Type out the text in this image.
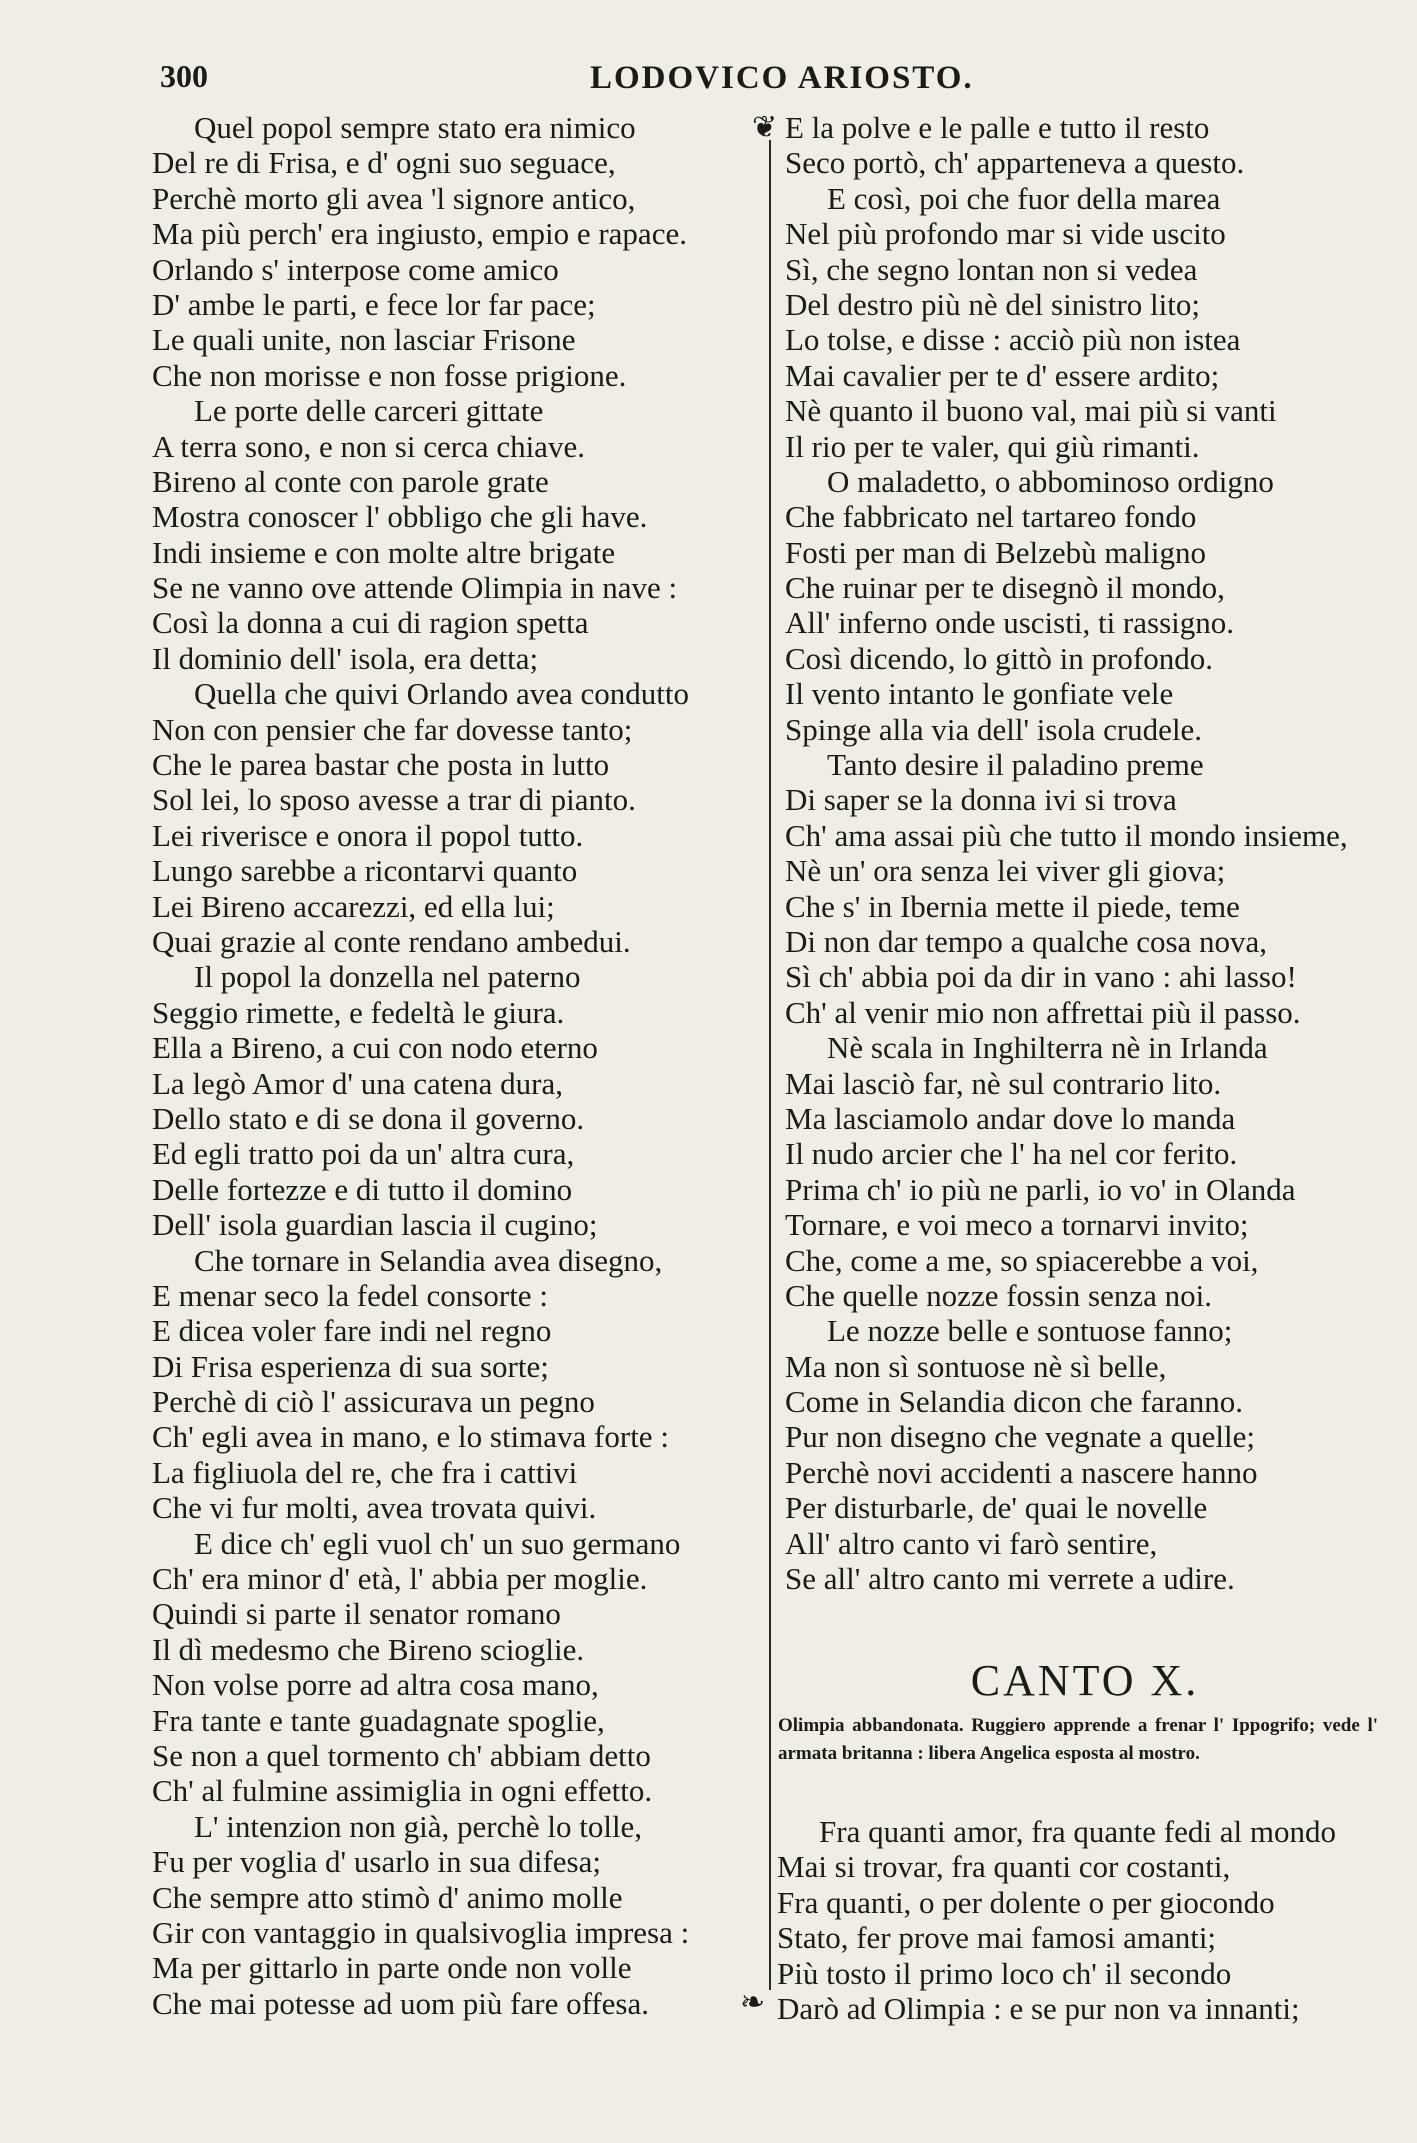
300	LODOVICO ARIOSTO.
Quel popol sempre stato era nimico
Del re di Frisa, e d' ogni suo seguace,
Perchè morto gli avea 'l signore antico,
Ma più perch' era ingiusto, empio e rapace.
Orlando s' interpose come amico
D' ambe le parti, e fece lor far pace;
Le quali unite, non lasciar Frisone
Che non morisse e non fosse prigione.
Le porte delle carceri gittate
A terra sono, e non si cerca chiave.
Bireno al conte con parole grate
Mostra conoscer l' obbligo che gli have.
Indi insieme e con molte altre brigate
Se ne vanno ove attende Olimpia in nave :
Così la donna a cui di ragion spetta
Il dominio dell' isola, era detta;
Quella che quivi Orlando avea condutto
Non con pensier che far dovesse tanto;
Che le parea bastar che posta in lutto
Sol lei, lo sposo avesse a trar di pianto.
Lei riverisce e onora il popol tutto.
Lungo sarebbe a ricontarvi quanto
Lei Bireno accarezzi, ed ella lui;
Quai grazie al conte rendano ambedui.
Il popol la donzella nel paterno
Seggio rimette, e fedeltà le giura.
Ella a Bireno, a cui con nodo eterno
La legò Amor d' una catena dura,
Dello stato e di se dona il governo.
Ed egli tratto poi da un' altra cura,
Delle fortezze e di tutto il domino
Dell' isola guardian lascia il cugino;
Che tornare in Selandia avea disegno,
E menar seco la fedel consorte :
E dicea voler fare indi nel regno
Di Frisa esperienza di sua sorte;
Perchè di ciò l' assicurava un pegno
Ch' egli avea in mano, e lo stimava forte :
La figliuola del re, che fra i cattivi
Che vi fur molti, avea trovata quivi.
E dice ch' egli vuol ch' un suo germano
Ch' era minor d' età, l' abbia per moglie.
Quindi si parte il senator romano
Il dì medesmo che Bireno scioglie.
Non volse porre ad altra cosa mano,
Fra tante e tante guadagnate spoglie,
Se non a quel tormento ch' abbiam detto
Ch' al fulmine assimiglia in ogni effetto.
L' intenzion non già, perchè lo tolle,
Fu per voglia d' usarlo in sua difesa;
Che sempre atto stimò d' animo molle
Gir con vantaggio in qualsivoglia impresa :
Ma per gittarlo in parte onde non volle
Che mai potesse ad uom più fare offesa.
❦
❧
E la polve e le palle e tutto il resto
Seco portò, ch' apparteneva a questo.
E così, poi che fuor della marea
Nel più profondo mar si vide uscito
Sì, che segno lontan non si vedea
Del destro più nè del sinistro lito;
Lo tolse, e disse : acciò più non istea
Mai cavalier per te d' essere ardito;
Nè quanto il buono val, mai più si vanti
Il rio per te valer, qui giù rimanti.
O maladetto, o abbominoso ordigno
Che fabbricato nel tartareo fondo
Fosti per man di Belzebù maligno
Che ruinar per te disegnò il mondo,
All' inferno onde uscisti, ti rassigno.
Così dicendo, lo gittò in profondo.
Il vento intanto le gonfiate vele
Spinge alla via dell' isola crudele.
Tanto desire il paladino preme
Di saper se la donna ivi si trova
Ch' ama assai più che tutto il mondo insieme,
Nè un' ora senza lei viver gli giova;
Che s' in Ibernia mette il piede, teme
Di non dar tempo a qualche cosa nova,
Sì ch' abbia poi da dir in vano : ahi lasso!
Ch' al venir mio non affrettai più il passo.
Nè scala in Inghilterra nè in Irlanda
Mai lasciò far, nè sul contrario lito.
Ma lasciamolo andar dove lo manda
Il nudo arcier che l' ha nel cor ferito.
Prima ch' io più ne parli, io vo' in Olanda
Tornare, e voi meco a tornarvi invito;
Che, come a me, so spiacerebbe a voi,
Che quelle nozze fossin senza noi.
Le nozze belle e sontuose fanno;
Ma non sì sontuose nè sì belle,
Come in Selandia dicon che faranno.
Pur non disegno che vegnate a quelle;
Perchè novi accidenti a nascere hanno
Per disturbarle, de' quai le novelle
All' altro canto vi farò sentire,
Se all' altro canto mi verrete a udire.
CANTO X.
Olimpia abbandonata. Ruggiero apprende a frenar l' Ippogrifo; vede l' armata britanna : libera Angelica esposta al mostro.
Fra quanti amor, fra quante fedi al mondo
Mai si trovar, fra quanti cor costanti,
Fra quanti, o per dolente o per giocondo
Stato, fer prove mai famosi amanti;
Più tosto il primo loco ch' il secondo
Darò ad Olimpia : e se pur non va innanti;
